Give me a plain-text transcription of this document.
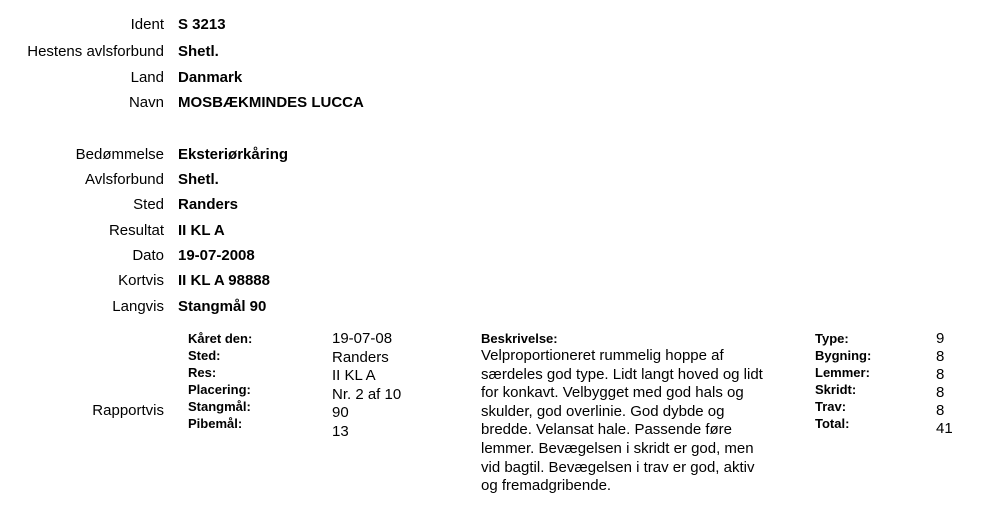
Ident S 3213
Hestens avlsforbund Shetl.
Land Danmark
Navn MOSBÆKMINDES LUCCA
Bedømmelse Eksteriørkåring
Avlsforbund Shetl.
Sted Randers
Resultat II KL A
Dato 19-07-2008
Kortvis II KL A 98888
Langvis Stangmål 90
Rapportvis
Kåret den:
Sted:
Res:
Placering:
Stangmål:
Pibemål:
19-07-08
Randers
II KL A
Nr. 2 af 10
90
13
Beskrivelse:
Velproportioneret rummelig hoppe af særdeles god type. Lidt langt hoved og lidt for konkavt. Velbygget med god hals og skulder, god overlinie. God dybde og bredde. Velansat hale. Passende føre lemmer. Bevægelsen i skridt er god, men vid bagtil. Bevægelsen i trav er god, aktiv og fremadgribende.
Type:
Bygning:
Lemmer:
Skridt:
Trav:
Total:
9
8
8
8
8
41
